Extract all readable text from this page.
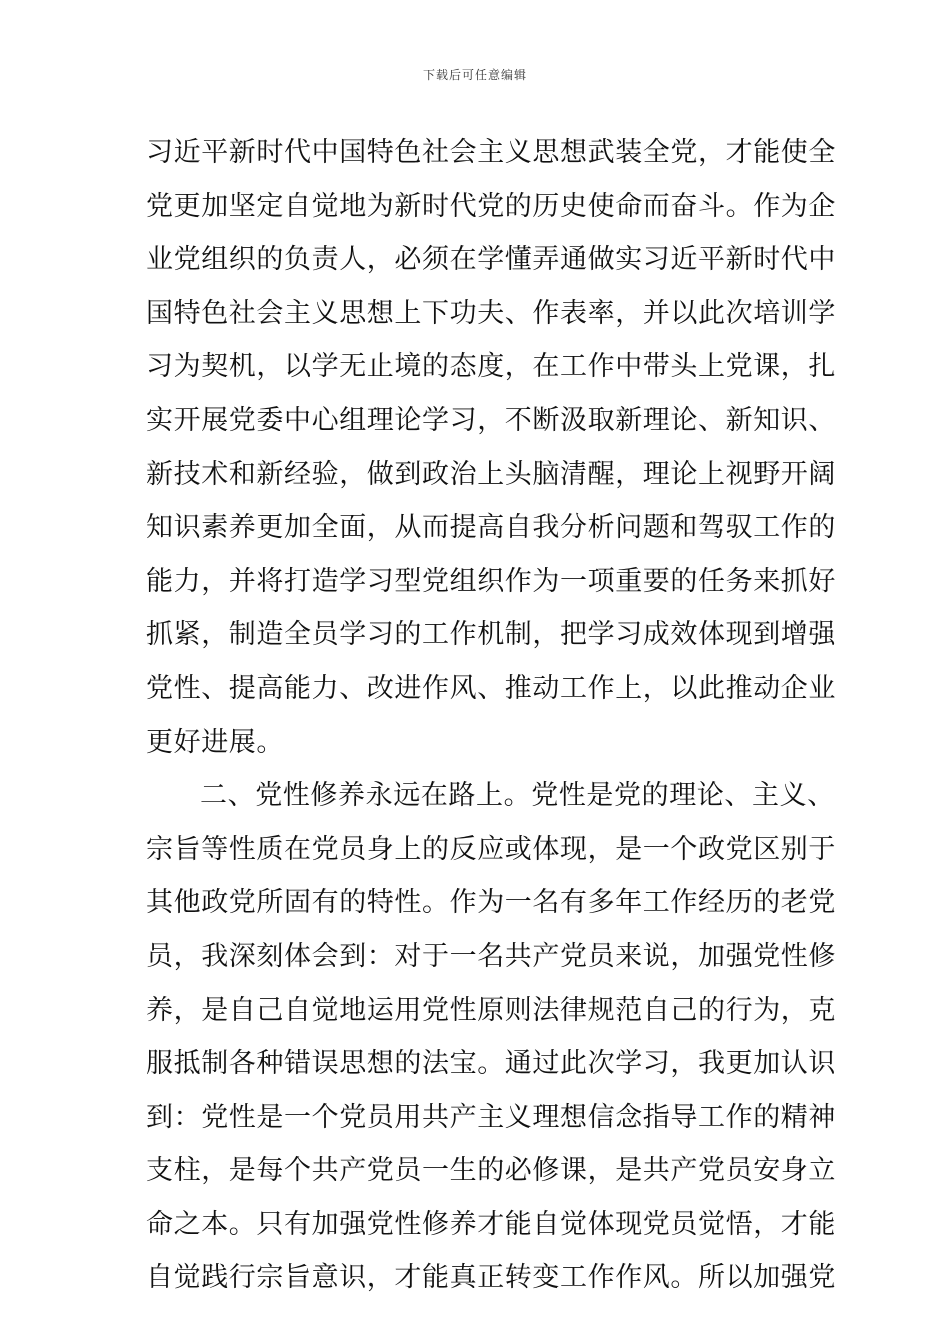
下载后可任意编辑
习近平新时代中国特色社会主义思想武装全党，才能使全
党更加坚定自觉地为新时代党的历史使命而奋斗。作为企
业党组织的负责人，必须在学懂弄通做实习近平新时代中
国特色社会主义思想上下功夫、作表率，并以此次培训学
习为契机，以学无止境的态度，在工作中带头上党课，扎
实开展党委中心组理论学习，不断汲取新理论、新知识、
新技术和新经验，做到政治上头脑清醒，理论上视野开阔
知识素养更加全面，从而提高自我分析问题和驾驭工作的
能力，并将打造学习型党组织作为一项重要的任务来抓好
抓紧，制造全员学习的工作机制，把学习成效体现到增强
党性、提高能力、改进作风、推动工作上，以此推动企业
更好进展。
二、党性修养永远在路上。党性是党的理论、主义、
宗旨等性质在党员身上的反应或体现，是一个政党区别于
其他政党所固有的特性。作为一名有多年工作经历的老党
员，我深刻体会到：对于一名共产党员来说，加强党性修
养，是自己自觉地运用党性原则法律规范自己的行为，克
服抵制各种错误思想的法宝。通过此次学习，我更加认识
到：党性是一个党员用共产主义理想信念指导工作的精神
支柱，是每个共产党员一生的必修课，是共产党员安身立
命之本。只有加强党性修养才能自觉体现党员觉悟，才能
自觉践行宗旨意识，才能真正转变工作作风。所以加强党
